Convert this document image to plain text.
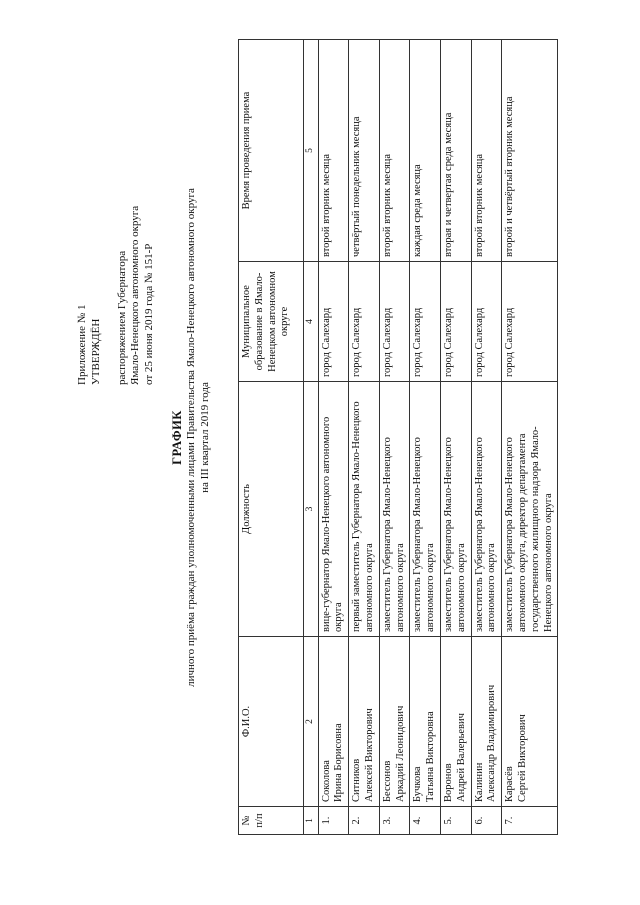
Приложение № 1 УТВЕРЖДЁН распоряжением Губернатора Ямало-Ненецкого автономного округа от 25 июня 2019 года № 151-Р
ГРАФИК личного приёма граждан уполномоченными лицами Правительства Ямало-Ненецкого автономного округа на III квартал 2019 года
№ п/п	Ф.И.О.	Должность	Муниципальное образование в Ямало-Ненецком автономном округе	Время проведения приема
1	2	3	4	5
1.	Соколова Ирина Борисовна	вице-губернатор Ямало-Ненецкого автономного округа	город Салехард	второй вторник месяца
2.	Ситников Алексей Викторович	первый заместитель Губернатора Ямало-Ненецкого автономного округа	город Салехард	четвёртый понедельник месяца
3.	Бессонов Аркадий Леонидович	заместитель Губернатора Ямало-Ненецкого автономного округа	город Салехард	второй вторник месяца
4.	Бучкова Татьяна Викторовна	заместитель Губернатора Ямало-Ненецкого автономного округа	город Салехард	каждая среда месяца
5.	Воронов Андрей Валерьевич	заместитель Губернатора Ямало-Ненецкого автономного округа	город Салехард	вторая и четвертая среда месяца
6.	Калинин Александр Владимирович	заместитель Губернатора Ямало-Ненецкого автономного округа	город Салехард	второй вторник месяца
7.	Карасёв Сергей Викторович	заместитель Губернатора Ямало-Ненецкого автономного округа, директор департамента государственного жилищного надзора Ямало-Ненецкого автономного округа	город Салехард	второй и четвёртый вторник месяца
